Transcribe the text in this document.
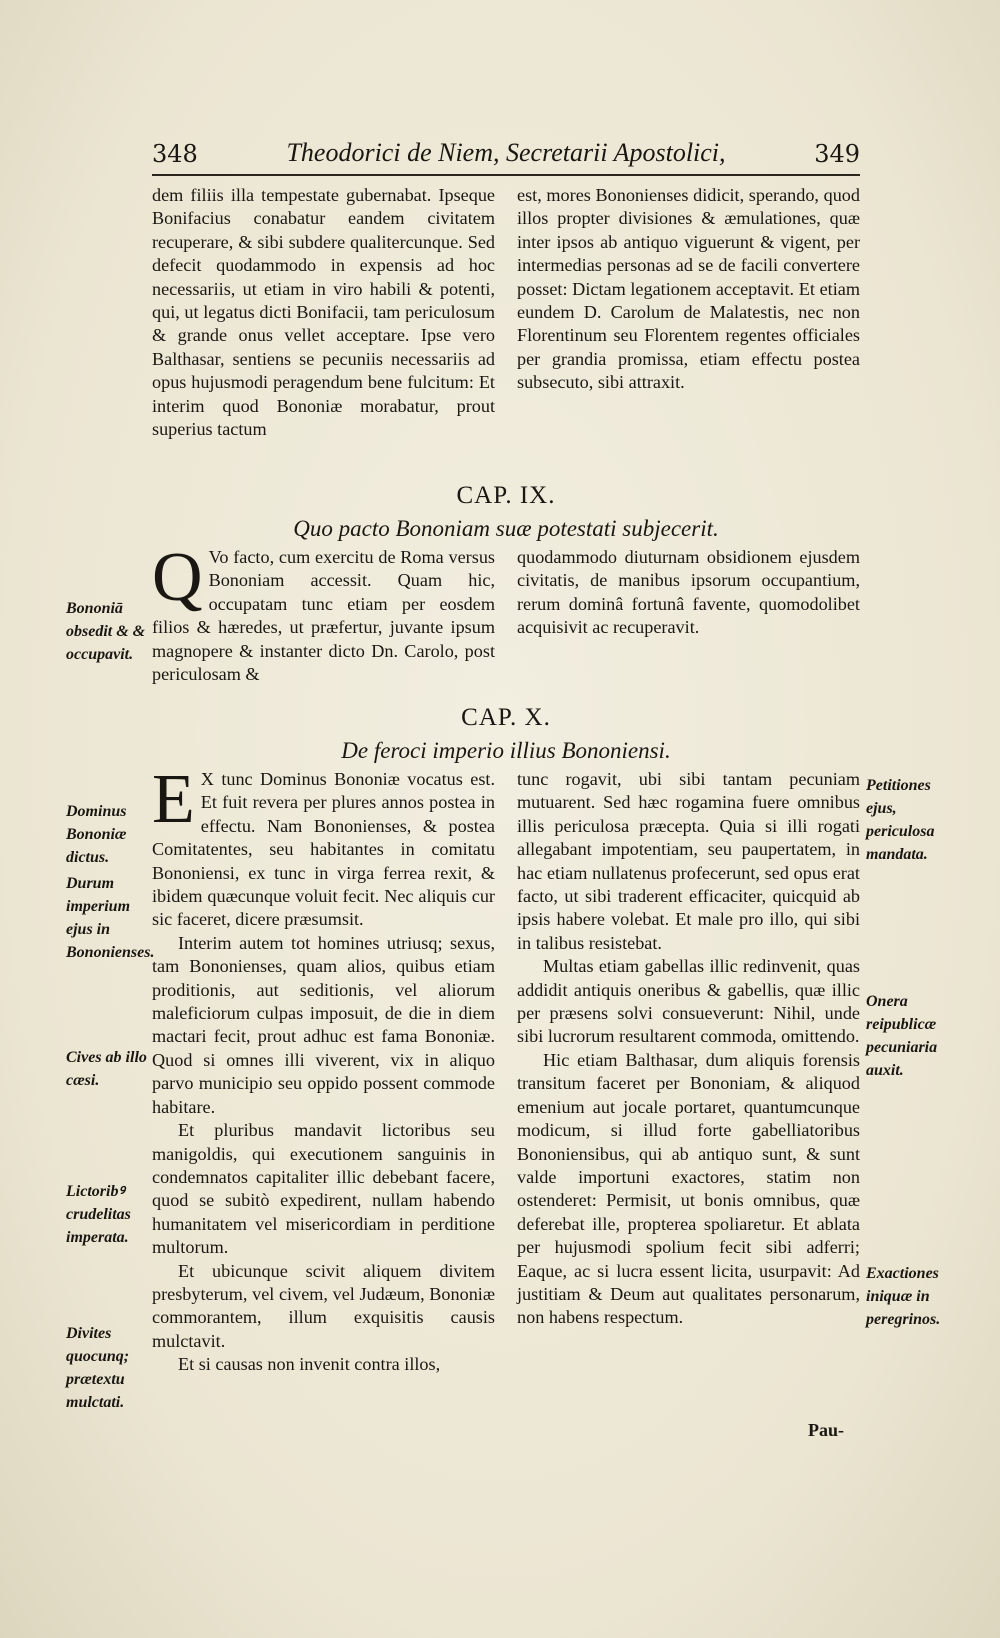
348	Theodorici de Niem, Secretarii Apostolici,	349

dem filiis illa tempestate gubernabat. Ipseque Bonifacius conabatur eandem civitatem recuperare, & sibi subdere qualitercunque. Sed defecit quodammodo in expensis ad hoc necessariis, ut etiam in viro habili & potenti, qui, ut legatus dicti Bonifacii, tam periculosum & grande onus vellet acceptare. Ipse vero Balthasar, sentiens se pecuniis necessariis ad opus hujusmodi peragendum bene fulcitum: Et interim quod Bononiæ morabatur, prout superius tactum

est, mores Bononienses didicit, sperando, quod illos propter divisiones & æmulationes, quæ inter ipsos ab antiquo viguerunt & vigent, per intermedias personas ad se de facili convertere posset: Dictam legationem acceptavit. Et etiam eundem D. Carolum de Malatestis, nec non Florentinum seu Florentem regentes officiales per grandia promissa, etiam effectu postea subsecuto, sibi attraxit.

CAP. IX.
Quo pacto Bononiam suæ potestati subjecerit.
Bononiā obsedit & & occupavit.
Q Vo facto, cum exercitu de Roma versus Bononiam accessit. Quam hic, occupatam tunc etiam per eosdem filios & hæredes, ut præfertur, juvante ipsum magnopere & instanter dicto Dn. Carolo, post periculosam &

quodammodo diuturnam obsidionem ejusdem civitatis, de manibus ipsorum occupantium, rerum dominâ fortunâ favente, quomodolibet acquisivit ac recuperavit.

CAP. X.
De feroci imperio illius Bononiensi.
Dominus Bononiæ dictus.
Durum imperium ejus in Bononienses.
Cives ab illo cæsi.
Lictoribꝰ crudelitas imperata.
Divites quocunq; prætextu mulctati.
E X tunc Dominus Bononiæ vocatus est. Et fuit revera per plures annos postea in effectu. Nam Bononienses, & postea Comitatentes, seu habitantes in comitatu Bononiensi, ex tunc in virga ferrea rexit, & ibidem quæcunque voluit fecit. Nec aliquis cur sic faceret, dicere præsumsit.

Interim autem tot homines utriusq; sexus, tam Bononienses, quam alios, quibus etiam proditionis, aut seditionis, vel aliorum maleficiorum culpas imposuit, de die in diem mactari fecit, prout adhuc est fama Bononiæ. Quod si omnes illi viverent, vix in aliquo parvo municipio seu oppido possent commode habitare.

Et pluribus mandavit lictoribus seu manigoldis, qui executionem sanguinis in condemnatos capitaliter illic debebant facere, quod se subitò expedirent, nullam habendo humanitatem vel misericordiam in perditione multorum.

Et ubicunque scivit aliquem divitem presbyterum, vel civem, vel Judæum, Bononiæ commorantem, illum exquisitis causis mulctavit.

Et si causas non invenit contra illos,

tunc rogavit, ubi sibi tantam pecuniam mutuarent. Sed hæc rogamina fuere omnibus illis periculosa præcepta. Quia si illi rogati allegabant impotentiam, seu paupertatem, in hac etiam nullatenus profecerunt, sed opus erat facto, ut sibi traderent efficaciter, quicquid ab ipsis habere volebat. Et male pro illo, qui sibi in talibus resistebat.

Multas etiam gabellas illic redinvenit, quas addidit antiquis oneribus & gabellis, quæ illic per præsens solvi consueverunt: Nihil, unde sibi lucrorum resultarent commoda, omittendo.

Hic etiam Balthasar, dum aliquis forensis transitum faceret per Bononiam, & aliquod emenium aut jocale portaret, quantumcunque modicum, si illud forte gabelliatoribus Bononiensibus, qui ab antiquo sunt, & sunt valde importuni exactores, statim non ostenderet: Permisit, ut bonis omnibus, quæ deferebat ille, propterea spoliaretur. Et ablata per hujusmodi spolium fecit sibi adferri; Eaque, ac si lucra essent licita, usurpavit: Ad justitiam & Deum aut qualitates personarum, non habens respectum.

Petitiones ejus, periculosa mandata.
Onera reipublicæ pecuniaria auxit.
Exactiones iniquæ in peregrinos.
Pau-
